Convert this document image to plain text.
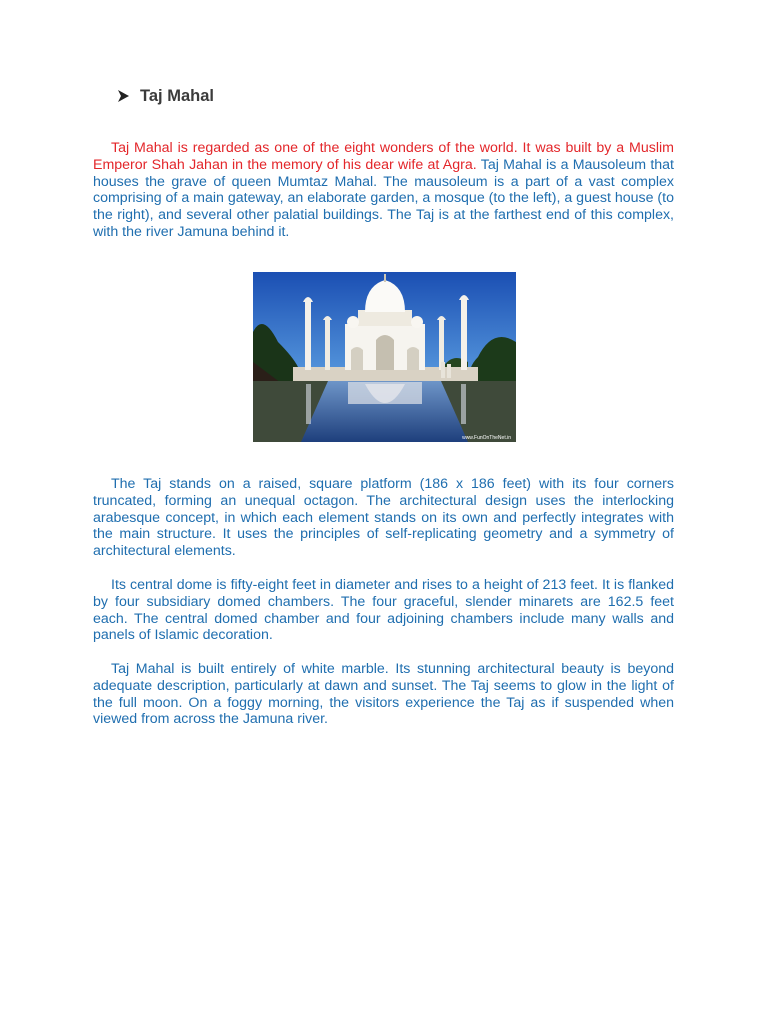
Taj Mahal

Taj Mahal is regarded as one of the eight wonders of the world. It was built by a Muslim Emperor Shah Jahan in the memory of his dear wife at Agra. Taj Mahal is a Mausoleum that houses the grave of queen Mumtaz Mahal. The mausoleum is a part of a vast complex comprising of a main gateway, an elaborate garden, a mosque (to the left), a guest house (to the right), and several other palatial buildings. The Taj is at the farthest end of this complex, with the river Jamuna behind it.

www.FunOnTheNet.in

The Taj stands on a raised, square platform (186 x 186 feet) with its four corners truncated, forming an unequal octagon. The architectural design uses the interlocking arabesque concept, in which each element stands on its own and perfectly integrates with the main structure. It uses the principles of self-replicating geometry and a symmetry of architectural elements.

Its central dome is fifty-eight feet in diameter and rises to a height of 213 feet. It is flanked by four subsidiary domed chambers. The four graceful, slender minarets are 162.5 feet each. The central domed chamber and four adjoining chambers include many walls and panels of Islamic decoration.

Taj Mahal is built entirely of white marble. Its stunning architectural beauty is beyond adequate description, particularly at dawn and sunset. The Taj seems to glow in the light of the full moon. On a foggy morning, the visitors experience the Taj as if suspended when viewed from across the Jamuna river.
